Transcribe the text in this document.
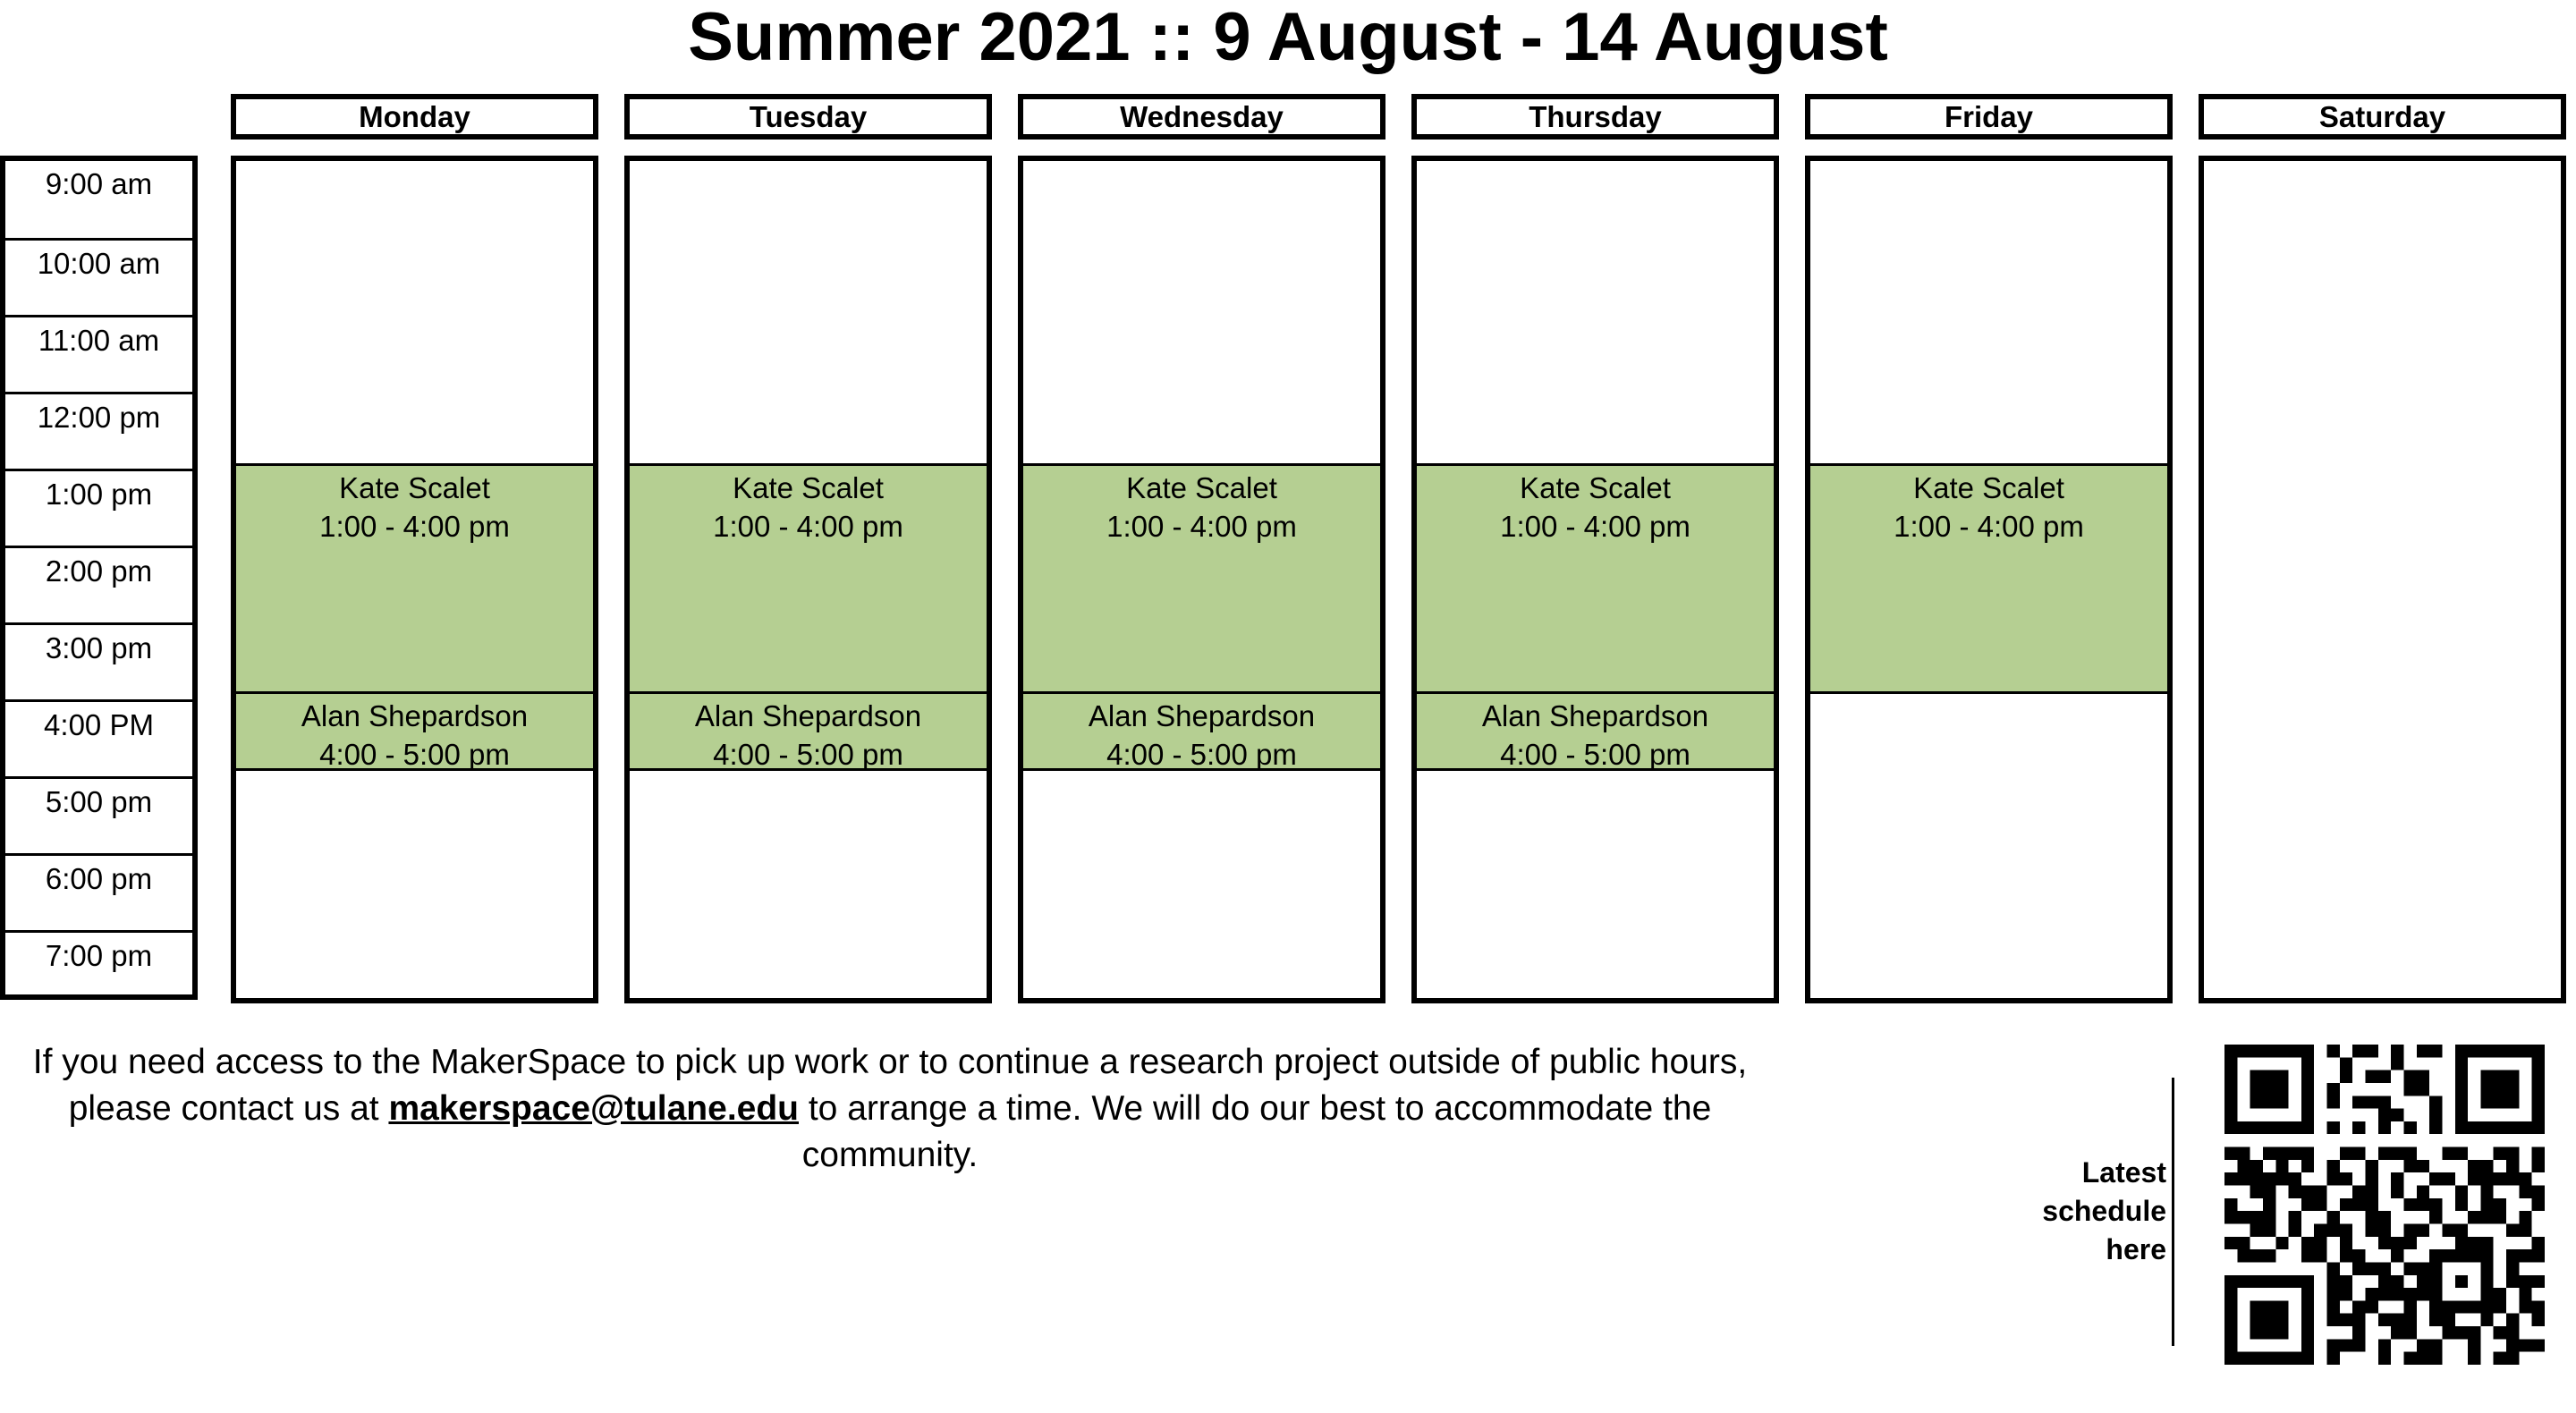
Summer 2021 :: 9 August - 14 August
9:00 am
10:00 am
11:00 am
12:00 pm
1:00 pm
2:00 pm
3:00 pm
4:00 PM
5:00 pm
6:00 pm
7:00 pm
Monday
Kate Scalet
1:00 - 4:00 pm
Alan Shepardson
4:00 - 5:00 pm
Tuesday
Kate Scalet
1:00 - 4:00 pm
Alan Shepardson
4:00 - 5:00 pm
Wednesday
Kate Scalet
1:00 - 4:00 pm
Alan Shepardson
4:00 - 5:00 pm
Thursday
Kate Scalet
1:00 - 4:00 pm
Alan Shepardson
4:00 - 5:00 pm
Friday
Kate Scalet
1:00 - 4:00 pm
Saturday
If you need access to the MakerSpace to pick up work or to continue a research project outside of public hours, please contact us at makerspace@tulane.edu to arrange a time. We will do our best to accommodate the community.	Latest
schedule
here
